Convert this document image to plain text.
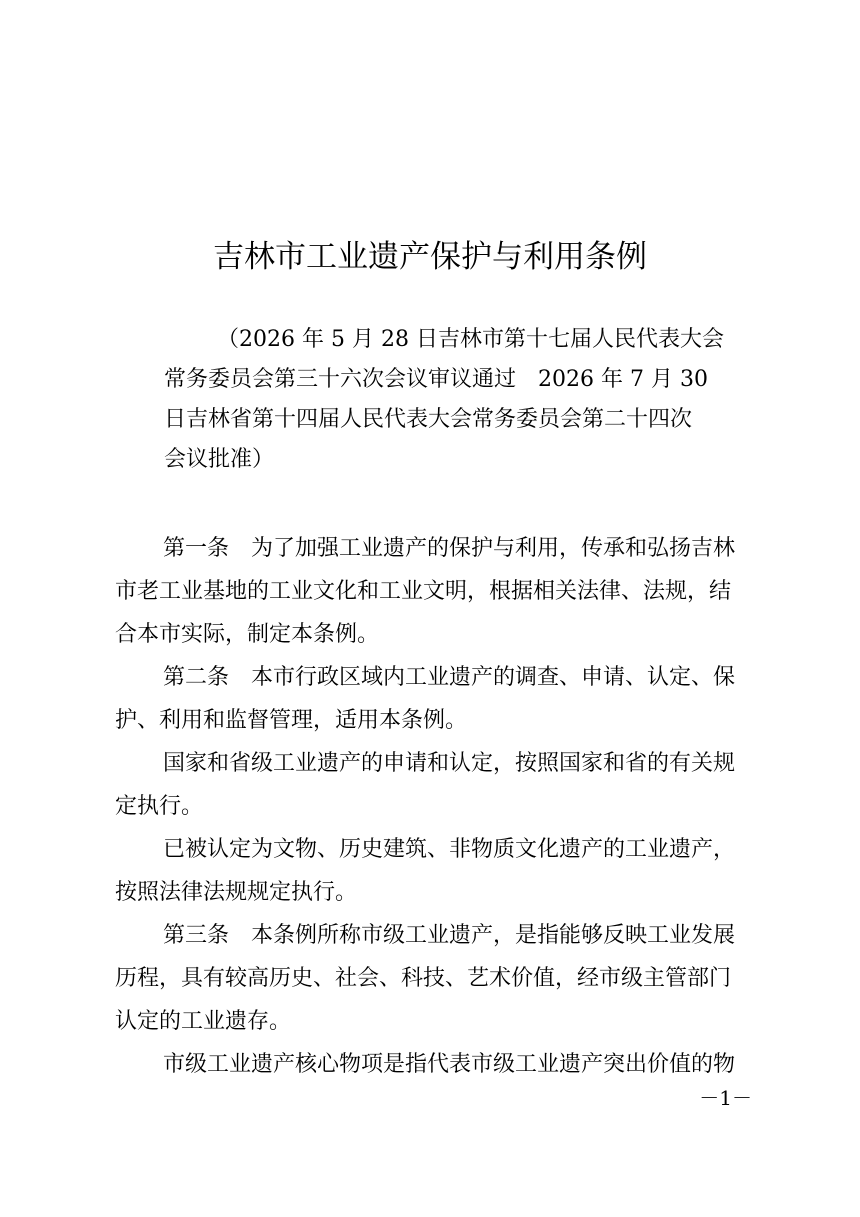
吉林市工业遗产保护与利用条例
（2026 年 5 月 28 日吉林市第十七届人民代表大会
常务委员会第三十六次会议审议通过　2026 年 7 月 30
日吉林省第十四届人民代表大会常务委员会第二十四次
会议批准）
第一条　为了加强工业遗产的保护与利用，传承和弘扬吉林
市老工业基地的工业文化和工业文明，根据相关法律、法规，结
合本市实际，制定本条例。
第二条　本市行政区域内工业遗产的调查、申请、认定、保
护、利用和监督管理，适用本条例。
国家和省级工业遗产的申请和认定，按照国家和省的有关规
定执行。
已被认定为文物、历史建筑、非物质文化遗产的工业遗产，
按照法律法规规定执行。
第三条　本条例所称市级工业遗产，是指能够反映工业发展
历程，具有较高历史、社会、科技、艺术价值，经市级主管部门
认定的工业遗存。
市级工业遗产核心物项是指代表市级工业遗产突出价值的物
－1－
